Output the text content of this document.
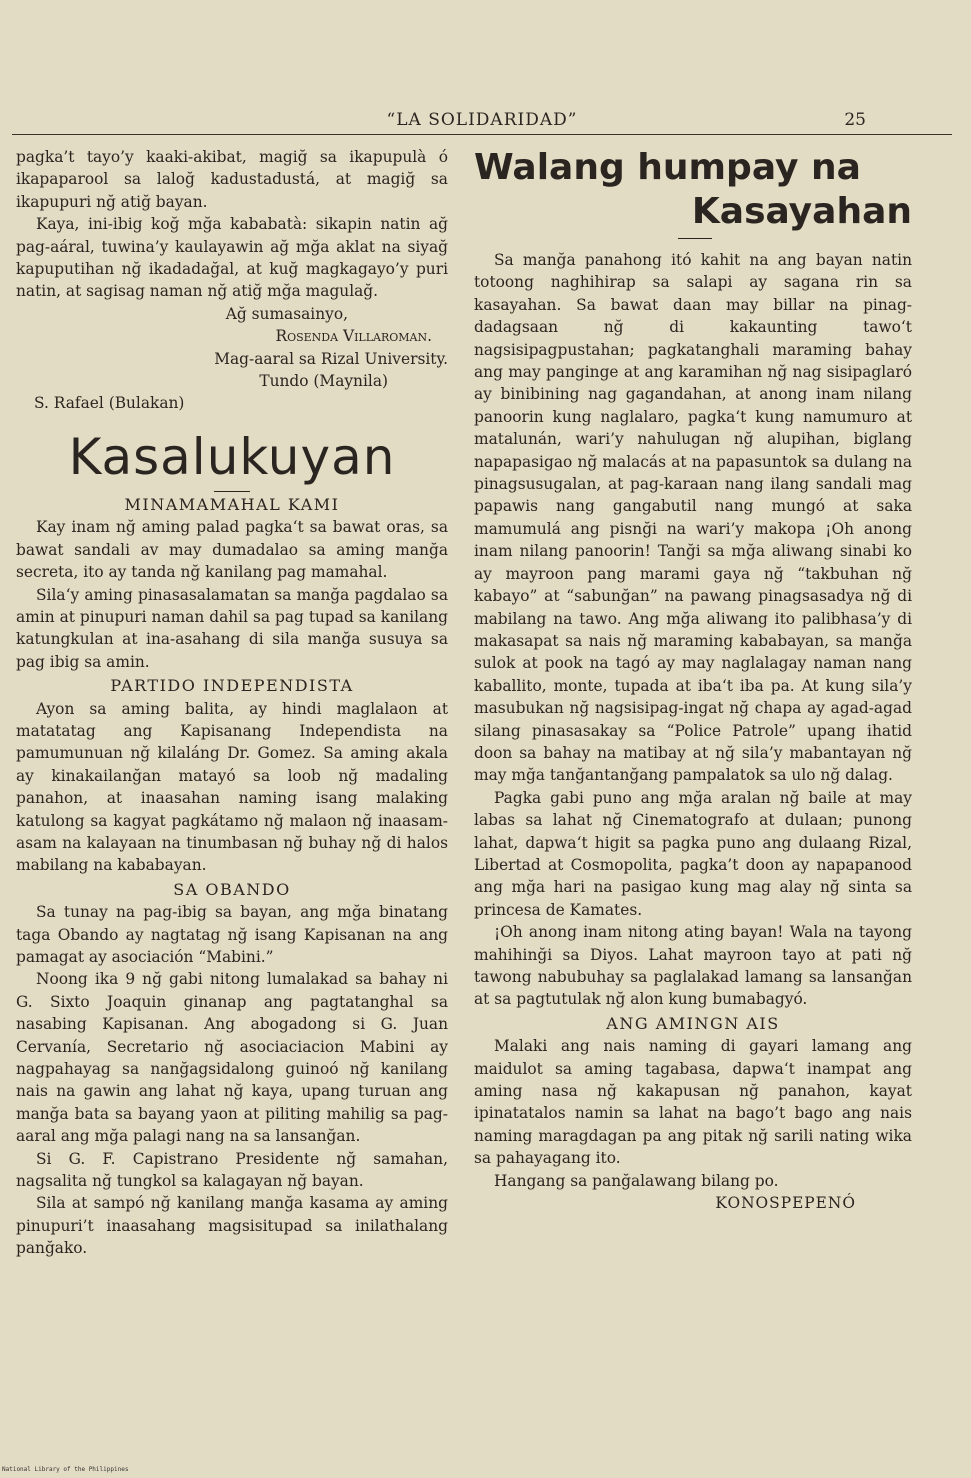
“LA SOLIDARIDAD”	25

pagka’t tayo’y kaaki-akibat, magiğ sa ikapupulà ó ikapaparool sa laloğ kadustadustá, at magiğ sa ikapupuri nğ atiğ bayan.

Kaya, ini-ibig koğ mğa kababatà: sikapin natin ağ pag-aáral, tuwina’y kaulayawin ağ mğa aklat na siyağ kapuputihan nğ ikadadağal, at kuğ magkagayo’y puri natin, at sagisag naman nğ atiğ mğa magulağ.

Ağ sumasainyo,

Rosenda Villaroman.

Mag-aaral sa Rizal University.

Tundo (Maynila)

S. Rafael (Bulakan)

Kasalukuyan
MINAMAMAHAL KAMI

Kay inam nğ aming palad pagka‘t sa bawat oras, sa bawat sandali av may dumadalao sa aming manğa secreta, ito ay tanda nğ kanilang pag mamahal.

Sila‘y aming pinasasalamatan sa manğa pagdalao sa amin at pinupuri naman dahil sa pag tupad sa kanilang katungkulan at ina-asahang di sila manğa susuya sa pag ibig sa amin.

PARTIDO INDEPENDISTA

Ayon sa aming balita, ay hindi maglalaon at matatatag ang Kapisanang Independista na pamumunuan nğ kilaláng Dr. Gomez. Sa aming akala ay kinakailanğan matayó sa loob nğ madaling panahon, at inaasahan naming isang malaking katulong sa kagyat pagkátamo nğ malaon nğ inaasam-asam na kalayaan na tinumbasan nğ buhay nğ di halos mabilang na kababayan.

SA OBANDO

Sa tunay na pag-ibig sa bayan, ang mğa binatang taga Obando ay nagtatag nğ isang Kapisanan na ang pamagat ay asociación “Mabini.”

Noong ika 9 nğ gabi nitong lumalakad sa bahay ni G. Sixto Joaquin ginanap ang pagtatanghal sa nasabing Kapisanan. Ang abogadong si G. Juan Cervanía, Secretario nğ asociaciacion Mabini ay nagpahayag sa nanğagsidalong guinoó nğ kanilang nais na gawin ang lahat nğ kaya, upang turuan ang manğa bata sa bayang yaon at piliting mahilig sa pag-aaral ang mğa palagi nang na sa lansanğan.

Si G. F. Capistrano Presidente nğ samahan, nagsalita nğ tungkol sa kalagayan nğ bayan.

Sila at sampó nğ kanilang manğa kasama ay aming pinupuri’t inaasahang magsisitupad sa inilathalang panğako.

Walang humpay na
Kasayahan

Sa manğa panahong itó kahit na ang bayan natin totoong naghihirap sa salapi ay sagana rin sa kasayahan. Sa bawat daan may billar na pinag-dadagsaan nğ di kakaunting tawo‘t nagsisipagpustahan; pagkatanghali maraming bahay ang may panginge at ang karamihan nğ nag sisipaglaró ay binibining nag gagandahan, at anong inam nilang panoorin kung naglalaro, pagka‘t kung namumuro at matalunán, wari’y nahulugan nğ alupihan, biglang napapasigao nğ malacás at na papasuntok sa dulang na pinagsusugalan, at pag-karaan nang ilang sandali mag papawis nang gangabutil nang mungó at saka mamumulá ang pisnği na wari’y makopa ¡Oh anong inam nilang panoorin! Tanği sa mğa aliwang sinabi ko ay mayroon pang marami gaya nğ “takbuhan nğ kabayo” at “sabunğan” na pawang pinagsasadya nğ di mabilang na tawo. Ang mğa aliwang ito palibhasa’y di makasapat sa nais nğ maraming kababayan, sa manğa sulok at pook na tagó ay may naglalagay naman nang kaballito, monte, tupada at iba‘t iba pa. At kung sila’y masubukan nğ nagsisipag-ingat nğ chapa ay agad-agad silang pinasasakay sa “Police Patrole” upang ihatid doon sa bahay na matibay at nğ sila’y mabantayan nğ may mğa tanğantanğang pampalatok sa ulo nğ dalag.

Pagka gabi puno ang mğa aralan nğ baile at may labas sa lahat nğ Cinematografo at dulaan; punong lahat, dapwa‘t higit sa pagka puno ang dulaang Rizal, Libertad at Cosmopolita, pagka’t doon ay napapanood ang mğa hari na pasigao kung mag alay nğ sinta sa princesa de Kamates.

¡Oh anong inam nitong ating bayan! Wala na tayong mahihinği sa Diyos. Lahat mayroon tayo at pati nğ tawong nabubuhay sa paglalakad lamang sa lansanğan at sa pagtutulak nğ alon kung bumabagyó.

ANG AMINGN AIS

Malaki ang nais naming di gayari lamang ang maidulot sa aming tagabasa, dapwa‘t inampat ang aming nasa nğ kakapusan nğ panahon, kayat ipinatatalos namin sa lahat na bago’t bago ang nais naming maragdagan pa ang pitak nğ sarili nating wika sa pahayagang ito.

Hangang sa panğalawang bilang po.

KONOSPEPENÓ

National Library of the Philippines
